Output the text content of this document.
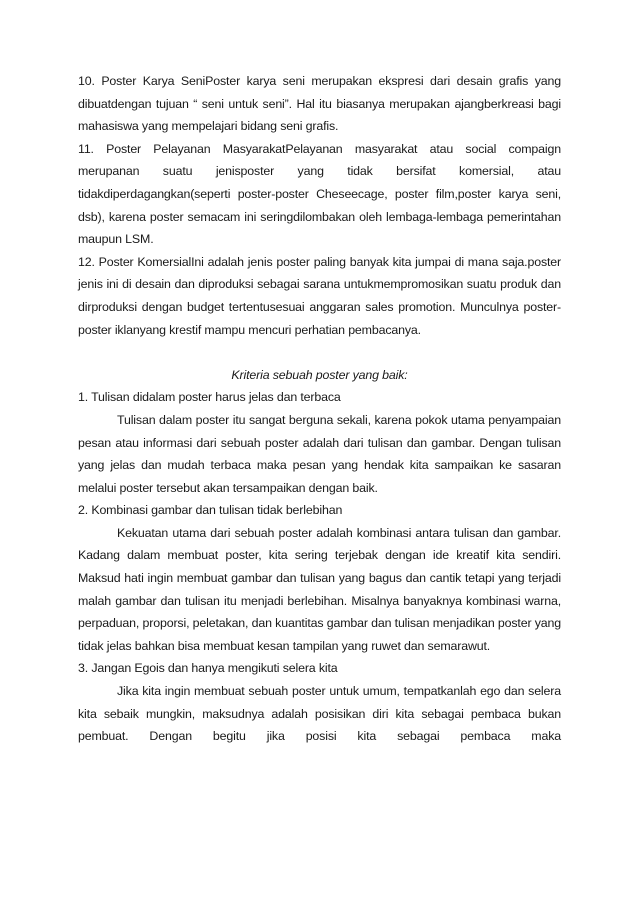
10. Poster Karya SeniPoster karya seni merupakan ekspresi dari desain grafis yang dibuatdengan tujuan “ seni untuk seni”. Hal itu biasanya merupakan ajangberkreasi bagi mahasiswa yang mempelajari bidang seni grafis.

11. Poster Pelayanan MasyarakatPelayanan masyarakat atau social compaign merupanan suatu jenisposter yang tidak bersifat komersial, atau tidakdiperdagangkan(seperti poster-poster Cheseecage, poster film,poster karya seni, dsb), karena poster semacam ini seringdilombakan oleh lembaga-lembaga pemerintahan maupun LSM.

12. Poster KomersialIni adalah jenis poster paling banyak kita jumpai di mana saja.poster jenis ini di desain dan diproduksi sebagai sarana untukmempromosikan suatu produk dan dirproduksi dengan budget tertentusesuai anggaran sales promotion. Munculnya poster-poster iklanyang krestif mampu mencuri perhatian pembacanya.

Kriteria sebuah poster yang baik:

1. Tulisan didalam poster harus jelas dan terbaca

Tulisan dalam poster itu sangat berguna sekali, karena pokok utama penyampaian pesan atau informasi dari sebuah poster adalah dari tulisan dan gambar. Dengan tulisan yang jelas dan mudah terbaca maka pesan yang hendak kita sampaikan ke sasaran melalui poster tersebut akan tersampaikan dengan baik.

2. Kombinasi gambar dan tulisan tidak berlebihan

Kekuatan utama dari sebuah poster adalah kombinasi antara tulisan dan gambar. Kadang dalam membuat poster, kita sering terjebak dengan ide kreatif kita sendiri. Maksud hati ingin membuat gambar dan tulisan yang bagus dan cantik tetapi yang terjadi malah gambar dan tulisan itu menjadi berlebihan. Misalnya banyaknya kombinasi warna, perpaduan, proporsi, peletakan, dan kuantitas gambar dan tulisan menjadikan poster yang tidak jelas bahkan bisa membuat kesan tampilan yang ruwet dan semarawut.

3. Jangan Egois dan hanya mengikuti selera kita

Jika kita ingin membuat sebuah poster untuk umum, tempatkanlah ego dan selera kita sebaik mungkin, maksudnya adalah posisikan diri kita sebagai pembaca bukan pembuat. Dengan begitu jika posisi kita sebagai pembaca maka
